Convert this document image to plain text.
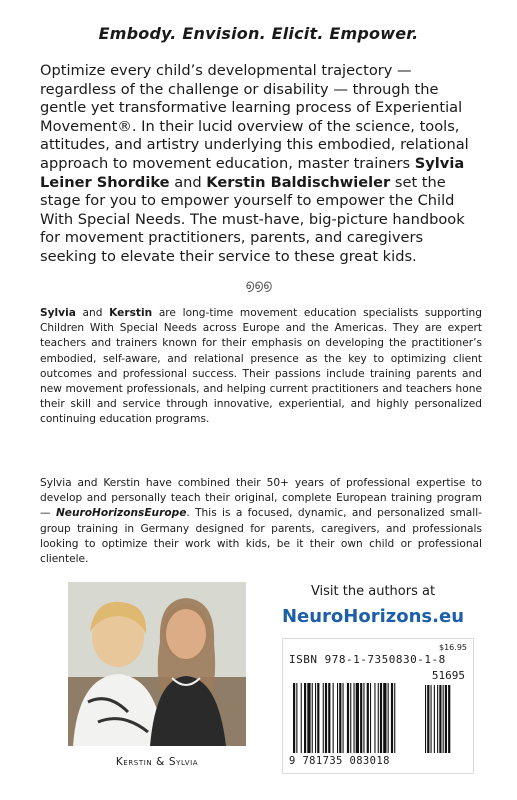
Embody. Envision. Elicit. Empower.

Optimize every child’s developmental trajectory — regardless of the challenge or disability — through the gentle yet transformative learning process of Experiential Movement®. In their lucid overview of the science, tools, attitudes, and artistry underlying this embodied, relational approach to movement education, master trainers Sylvia Leiner Shordike and Kerstin Baldischwieler set the stage for you to empower yourself to empower the Child With Special Needs. The must-have, big-picture handbook for movement practitioners, parents, and caregivers seeking to elevate their service to these great kids.

൭൭൭

Sylvia and Kerstin are long-time movement education specialists supporting Children With Special Needs across Europe and the Americas. They are expert teachers and trainers known for their emphasis on developing the practitioner’s embodied, self-aware, and relational presence as the key to optimizing client outcomes and professional success. Their passions include training parents and new movement professionals, and helping current practitioners and teachers hone their skill and service through innovative, experiential, and highly personalized continuing education programs.

Sylvia and Kerstin have combined their 50+ years of professional expertise to develop and personally teach their original, complete European training program — NeuroHorizonsEurope. This is a focused, dynamic, and personalized small-group training in Germany designed for parents, caregivers, and professionals looking to optimize their work with kids, be it their own child or professional clientele.

Kerstin & Sylvia
Visit the authors at
NeuroHorizons.eu
$16.95
ISBN 978-1-7350830-1-8
51695
9 781735 083018
